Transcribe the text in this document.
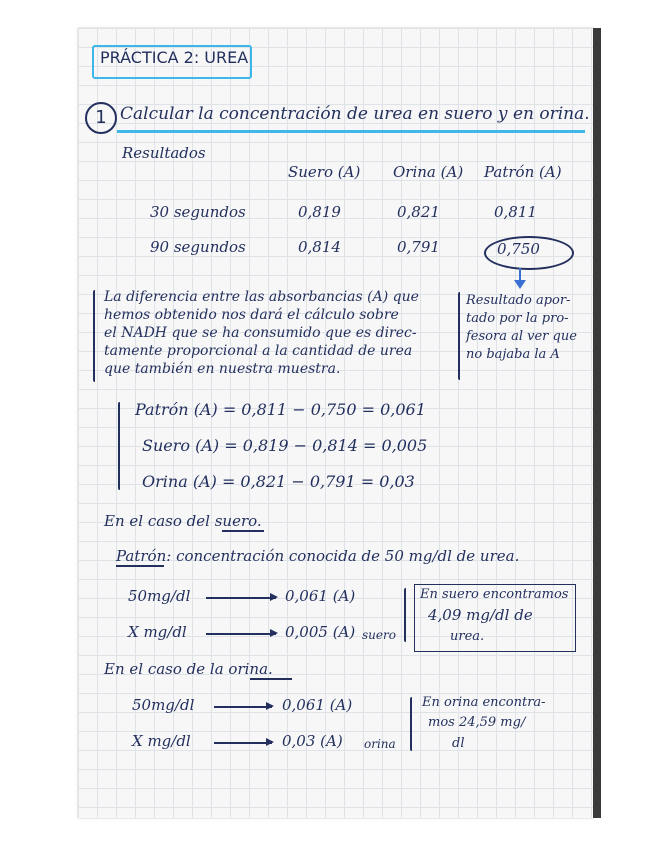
PRÁCTICA 2: UREA
1 Calcular la concentración de urea en suero y en orina.
Resultados
Suero (A) Orina (A) Patrón (A)
30 segundos	0,819	0,821	0,811
90 segundos	0,814	0,791	0,750
La diferencia entre las absorbancias (A) que
hemos obtenido nos dará el cálculo sobre
el NADH que se ha consumido que es direc-
tamente proporcional a la cantidad de urea
que también en nuestra muestra.
Resultado apor-
tado por la pro-
fesora al ver que
no bajaba la A
Patrón (A) = 0,811 − 0,750 = 0,061
Suero (A) = 0,819 − 0,814 = 0,005
Orina (A) = 0,821 − 0,791 = 0,03
En el caso del suero.
Patrón: concentración conocida de 50 mg/dl de urea.
50mg/dl	0,061 (A)
X mg/dl	0,005 (A) suero
En suero encontramos
4,09 mg/dl de
urea.
En el caso de la orina.
50mg/dl	0,061 (A)
X mg/dl	0,03 (A) orina
En orina encontra-
mos 24,59 mg/
dl
